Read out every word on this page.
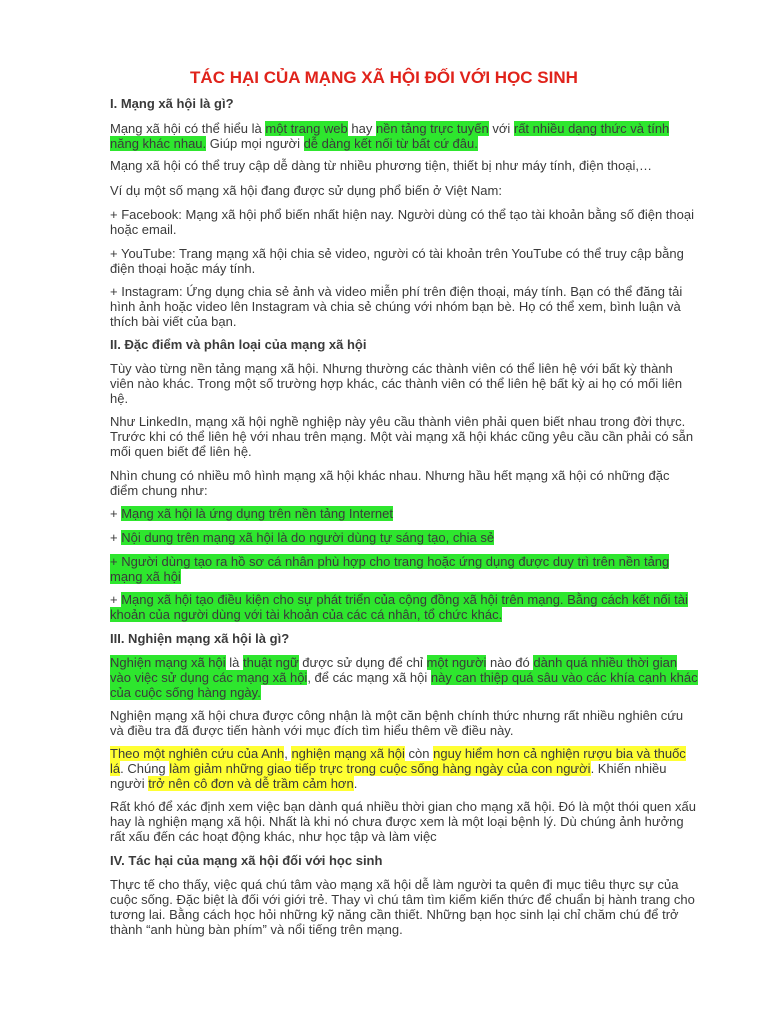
TÁC HẠI CỦA MẠNG XÃ HỘI ĐỐI VỚI HỌC SINH
I. Mạng xã hội là gì?

Mạng xã hội có thể hiểu là một trang web hay nền tảng trực tuyến với rất nhiều dạng thức và tính năng khác nhau. Giúp mọi người dễ dàng kết nối từ bất cứ đâu.

Mạng xã hội có thể truy cập dễ dàng từ nhiều phương tiện, thiết bị như máy tính, điện thoại,…

Ví dụ một số mạng xã hội đang được sử dụng phổ biến ở Việt Nam:

+ Facebook: Mạng xã hội phổ biến nhất hiện nay. Người dùng có thể tạo tài khoản bằng số điện thoại hoặc email.

+ YouTube: Trang mạng xã hội chia sẻ video, người có tài khoản trên YouTube có thể truy cập bằng điện thoại hoặc máy tính.

+ Instagram: Ứng dụng chia sẻ ảnh và video miễn phí trên điện thoại, máy tính. Bạn có thể đăng tải hình ảnh hoặc video lên Instagram và chia sẻ chúng với nhóm bạn bè. Họ có thể xem, bình luận và thích bài viết của bạn.

II. Đặc điểm và phân loại của mạng xã hội

Tùy vào từng nền tảng mạng xã hội. Nhưng thường các thành viên có thể liên hệ với bất kỳ thành viên nào khác. Trong một số trường hợp khác, các thành viên có thể liên hệ bất kỳ ai họ có mối liên hệ.

Như LinkedIn, mạng xã hội nghề nghiệp này yêu cầu thành viên phải quen biết nhau trong đời thực. Trước khi có thể liên hệ với nhau trên mạng. Một vài mạng xã hội khác cũng yêu cầu cần phải có sẵn mối quen biết để liên hệ.

Nhìn chung có nhiều mô hình mạng xã hội khác nhau. Nhưng hầu hết mạng xã hội có những đặc điểm chung như:

+ Mạng xã hội là ứng dụng trên nền tảng Internet

+ Nội dung trên mạng xã hội là do người dùng tự sáng tạo, chia sẻ

+ Người dùng tạo ra hồ sơ cá nhân phù hợp cho trang hoặc ứng dụng được duy trì trên nền tảng mạng xã hội

+ Mạng xã hội tạo điều kiện cho sự phát triển của cộng đồng xã hội trên mạng. Bằng cách kết nối tài khoản của người dùng với tài khoản của các cá nhân, tổ chức khác.

III. Nghiện mạng xã hội là gì?

Nghiện mạng xã hội là thuật ngữ được sử dụng để chỉ một người nào đó dành quá nhiều thời gian vào việc sử dụng các mạng xã hội, để các mạng xã hội này can thiệp quá sâu vào các khía cạnh khác của cuộc sống hàng ngày.

Nghiện mạng xã hội chưa được công nhận là một căn bệnh chính thức nhưng rất nhiều nghiên cứu và điều tra đã được tiến hành với mục đích tìm hiểu thêm về điều này.

Theo một nghiên cứu của Anh, nghiện mạng xã hội còn nguy hiểm hơn cả nghiện rượu bia và thuốc lá. Chúng làm giảm những giao tiếp trực trong cuộc sống hàng ngày của con người. Khiến nhiều người trở nên cô đơn và dễ trầm cảm hơn.

Rất khó để xác định xem việc bạn dành quá nhiều thời gian cho mạng xã hội. Đó là một thói quen xấu hay là nghiện mạng xã hội. Nhất là khi nó chưa được xem là một loại bệnh lý. Dù chúng ảnh hưởng rất xấu đến các hoạt động khác, như học tập và làm việc

IV. Tác hại của mạng xã hội đối với học sinh

Thực tế cho thấy, việc quá chú tâm vào mạng xã hội dễ làm người ta quên đi mục tiêu thực sự của cuộc sống. Đặc biệt là đối với giới trẻ. Thay vì chú tâm tìm kiếm kiến thức để chuẩn bị hành trang cho tương lai. Bằng cách học hỏi những kỹ năng cần thiết. Những bạn học sinh lại chỉ chăm chú để trở thành “anh hùng bàn phím” và nổi tiếng trên mạng.
